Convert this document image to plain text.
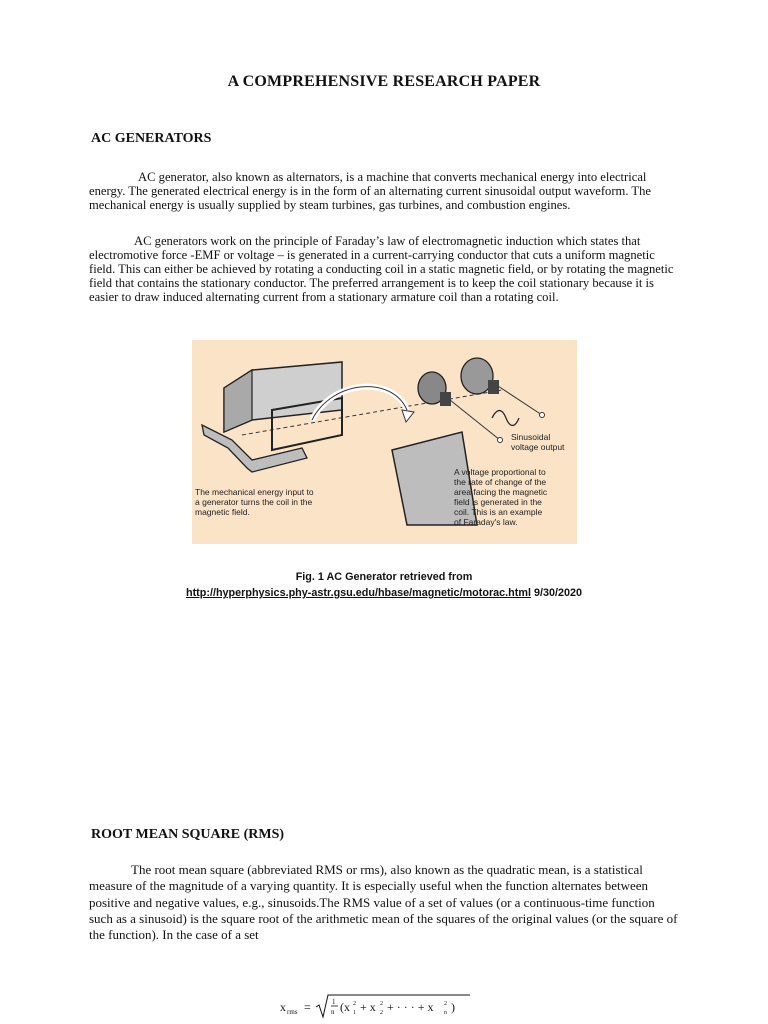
A COMPREHENSIVE RESEARCH PAPER
AC GENERATORS

AC generator, also known as alternators, is a machine that converts mechanical energy into electrical energy. The generated electrical energy is in the form of an alternating current sinusoidal output waveform. The mechanical energy is usually supplied by steam turbines, gas turbines, and combustion engines.

AC generators work on the principle of Faraday’s law of electromagnetic induction which states that electromotive force -EMF or voltage – is generated in a current-carrying conductor that cuts a uniform magnetic field. This can either be achieved by rotating a conducting coil in a static magnetic field, or by rotating the magnetic field that contains the stationary conductor. The preferred arrangement is to keep the coil stationary because it is easier to draw induced alternating current from a stationary armature coil than a rotating coil.

Sinusoidal
voltage output
The mechanical energy input to
a generator turns the coil in the
magnetic field.
A voltage proportional to
the rate of change of the
area facing the magnetic
field is generated in the
coil. This is an example
of Faraday's law.
Fig. 1 AC Generator retrieved from
http://hyperphysics.phy-astr.gsu.edu/hbase/magnetic/motorac.html 9/30/2020
ROOT MEAN SQUARE (RMS)

The root mean square (abbreviated RMS or rms), also known as the quadratic mean, is a statistical measure of the magnitude of a varying quantity. It is especially useful when the function alternates between positive and negative values, e.g., sinusoids.The RMS value of a set of values (or a continuous-time function such as a sinusoid) is the square root of the arithmetic mean of the squares of the original values (or the square of the function). In the case of a set

x rms =	1
n (x 2
1 + x 2
2 + · · · + x 2
n )
